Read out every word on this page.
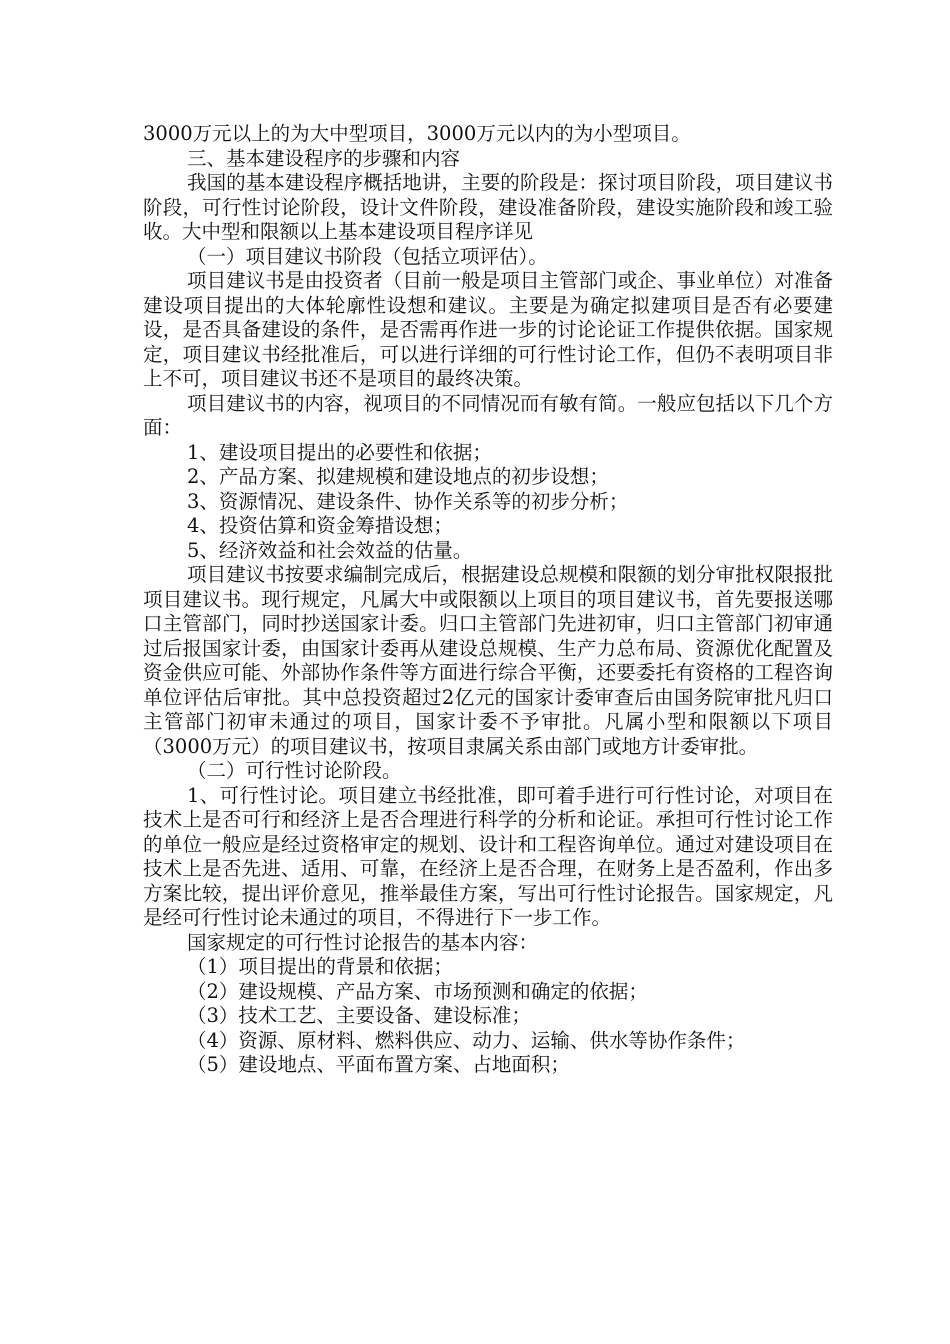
3000万元以上的为大中型项目，3000万元以内的为小型项目。

三、基本建设程序的步骤和内容

我国的基本建设程序概括地讲，主要的阶段是：探讨项目阶段，项目建议书阶段，可行性讨论阶段，设计文件阶段，建设准备阶段，建设实施阶段和竣工验收。大中型和限额以上基本建设项目程序详见

（一）项目建议书阶段（包括立项评估）。

项目建议书是由投资者（目前一般是项目主管部门或企、事业单位）对准备建设项目提出的大体轮廓性设想和建议。主要是为确定拟建项目是否有必要建设，是否具备建设的条件，是否需再作进一步的讨论论证工作提供依据。国家规定，项目建议书经批准后，可以进行详细的可行性讨论工作，但仍不表明项目非上不可，项目建议书还不是项目的最终决策。

项目建议书的内容，视项目的不同情况而有敏有简。一般应包括以下几个方面：

1、建设项目提出的必要性和依据；

2、产品方案、拟建规模和建设地点的初步设想；

3、资源情况、建设条件、协作关系等的初步分析；

4、投资估算和资金筹措设想；

5、经济效益和社会效益的估量。

项目建议书按要求编制完成后，根据建设总规模和限额的划分审批权限报批项目建议书。现行规定，凡属大中或限额以上项目的项目建议书，首先要报送哪口主管部门，同时抄送国家计委。归口主管部门先进初审，归口主管部门初审通过后报国家计委，由国家计委再从建设总规模、生产力总布局、资源优化配置及资金供应可能、外部协作条件等方面进行综合平衡，还要委托有资格的工程咨询单位评估后审批。其中总投资超过2亿元的国家计委审查后由国务院审批凡归口主管部门初审未通过的项目，国家计委不予审批。凡属小型和限额以下项目（3000万元）的项目建议书，按项目隶属关系由部门或地方计委审批。

（二）可行性讨论阶段。

1、可行性讨论。项目建立书经批准，即可着手进行可行性讨论，对项目在技术上是否可行和经济上是否合理进行科学的分析和论证。承担可行性讨论工作的单位一般应是经过资格审定的规划、设计和工程咨询单位。通过对建设项目在技术上是否先进、适用、可靠，在经济上是否合理，在财务上是否盈利，作出多方案比较，提出评价意见，推举最佳方案，写出可行性讨论报告。国家规定，凡是经可行性讨论未通过的项目，不得进行下一步工作。

国家规定的可行性讨论报告的基本内容：

（1）项目提出的背景和依据；

（2）建设规模、产品方案、市场预测和确定的依据；

（3）技术工艺、主要设备、建设标准；

（4）资源、原材料、燃料供应、动力、运输、供水等协作条件；

（5）建设地点、平面布置方案、占地面积；
